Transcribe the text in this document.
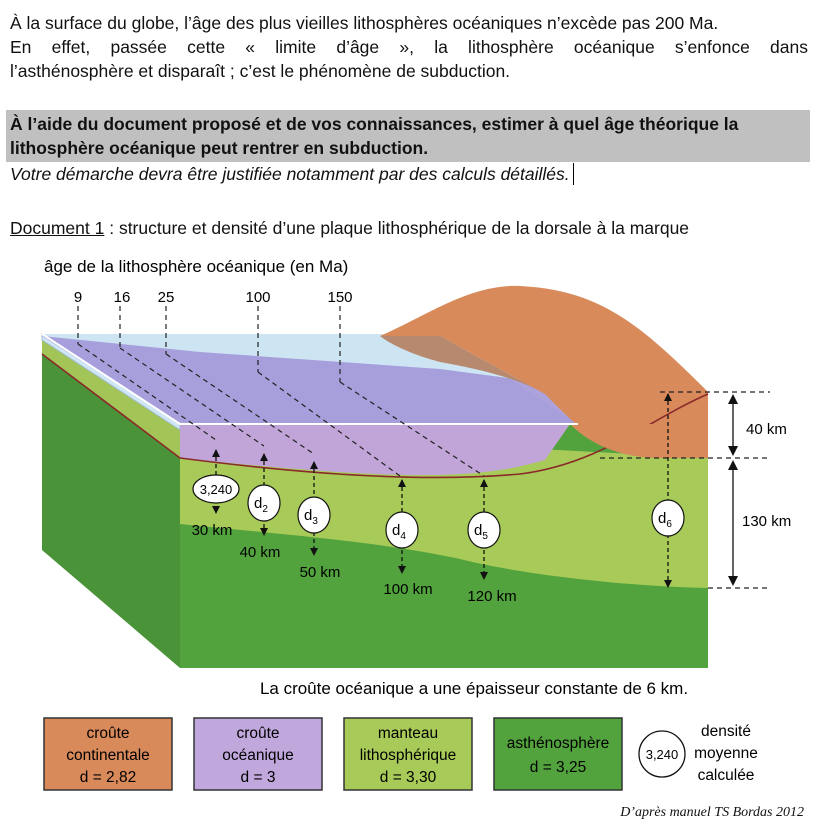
À la surface du globe, l’âge des plus vieilles lithosphères océaniques n’excède pas 200 Ma.
En effet, passée cette « limite d’âge », la lithosphère océanique s’enfonce dans
l’asthénosphère et disparaît ; c’est le phénomène de subduction.
À l’aide du document proposé et de vos connaissances, estimer à quel âge théorique la
lithosphère océanique peut rentrer en subduction.
Votre démarche devra être justifiée notamment par des calculs détaillés.
Document 1 : structure et densité d’une plaque lithosphérique de la dorsale à la marque
âge de la lithosphère océanique (en Ma)
9 16 25	100	150
3,240
$d_2$ $d_3$
$d_4$	$d_5$
$d_6$
30 km
40 km
50 km
100 km 120 km
40 km
130 km
La croûte océanique a une épaisseur constante de 6 km.
croûte
continentale
d = 2,82
croûte
océanique
d = 3
manteau
lithosphérique
d = 3,30
asthénosphère
d = 3,25
3,240
densité
moyenne
calculée
D’après manuel TS Bordas 2012
